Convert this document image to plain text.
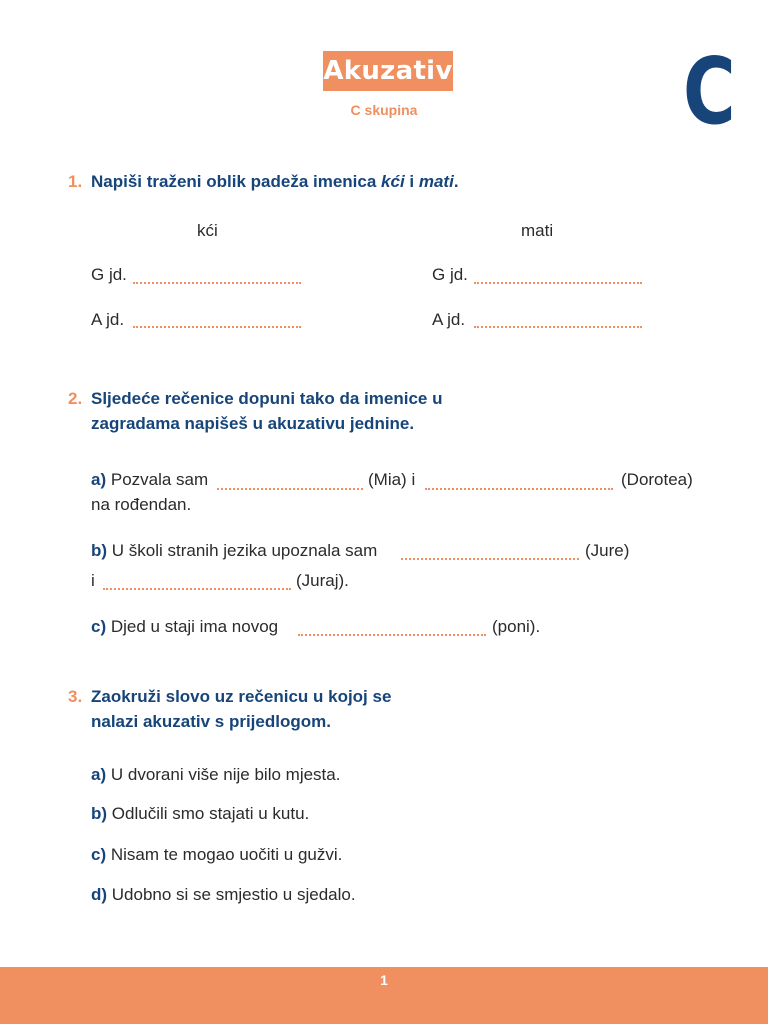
Akuzativ
C skupina	C
1. Napiši traženi oblik padeža imenica kći i mati.
kći	mati
G jd.	G jd.
A jd.	A jd.
2. Sljedeće rečenice dopuni tako da imenice u
zagradama napišeš u akuzativu jednine.
a) Pozvala sam	(Mia) i	(Dorotea)
na rođendan.
b) U školi stranih jezika upoznala sam	(Jure)
i	(Juraj).
c) Djed u staji ima novog	(poni).
3. Zaokruži slovo uz rečenicu u kojoj se
nalazi akuzativ s prijedlogom.
a) U dvorani više nije bilo mjesta.
b) Odlučili smo stajati u kutu.
c) Nisam te mogao uočiti u gužvi.
d) Udobno si se smjestio u sjedalo.
1
